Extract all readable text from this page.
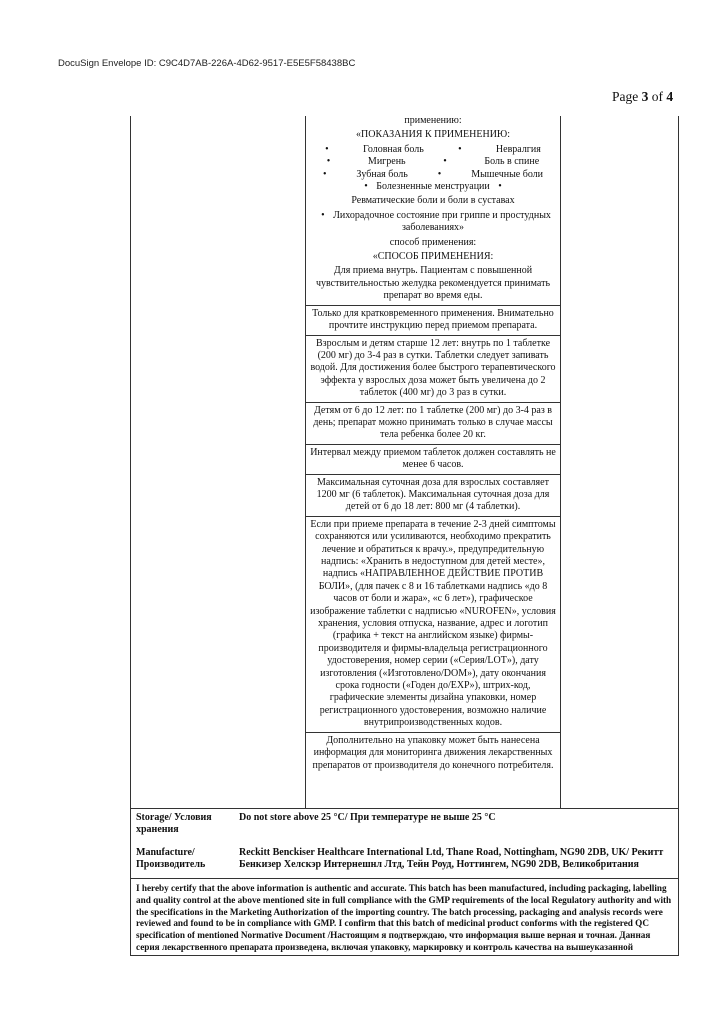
DocuSign Envelope ID: C9C4D7AB-226A-4D62-9517-E5E5F58438BC
Page 3 of 4

применению:

«ПОКАЗАНИЯ К ПРИМЕНЕНИЮ:

•	Головная боль	•	Невралгия
•	Мигрень	•	Боль в спине
•	Зубная боль	•	Мышечные боли

• Болезненные менструации •

Ревматические боли и боли в суставах

• Лихорадочное состояние при гриппе и простудных заболеваниях»

способ применения:

«СПОСОБ ПРИМЕНЕНИЯ:

Для приема внутрь. Пациентам с повышенной чувствительностью желудка рекомендуется принимать препарат во время еды.

Только для кратковременного применения. Внимательно прочтите инструкцию перед приемом препарата.

Взрослым и детям старше 12 лет: внутрь по 1 таблетке (200 мг) до 3-4 раз в сутки. Таблетки следует запивать водой. Для достижения более быстрого терапевтического эффекта у взрослых доза может быть увеличена до 2 таблеток (400 мг) до 3 раз в сутки.

Детям от 6 до 12 лет: по 1 таблетке (200 мг) до 3-4 раз в день; препарат можно принимать только в случае массы тела ребенка более 20 кг.

Интервал между приемом таблеток должен составлять не менее 6 часов.

Максимальная суточная доза для взрослых составляет 1200 мг (6 таблеток). Максимальная суточная доза для детей от 6 до 18 лет: 800 мг (4 таблетки).

Если при приеме препарата в течение 2-3 дней симптомы сохраняются или усиливаются, необходимо прекратить лечение и обратиться к врачу.», предупредительную надпись: «Хранить в недоступном для детей месте», надпись «НАПРАВЛЕННОЕ ДЕЙСТВИЕ ПРОТИВ БОЛИ», (для пачек с 8 и 16 таблетками надпись «до 8 часов от боли и жара», «с 6 лет»), графическое изображение таблетки с надписью «NUROFEN», условия хранения, условия отпуска, название, адрес и логотип (графика + текст на английском языке) фирмы-производителя и фирмы-владельца регистрационного удостоверения, номер серии («Серия/LOT»), дату изготовления («Изготовлено/DOM»), дату окончания срока годности («Годен до/EXP»), штрих-код, графические элементы дизайна упаковки, номер регистрационного удостоверения, возможно наличие внутрипроизводственных кодов.

Дополнительно на упаковку может быть нанесена информация для мониторинга движения лекарственных препаратов от производителя до конечного потребителя.

Storage/ Условия хранения
Do not store above 25 °C/ При температуре не выше 25 °C
Manufacture/ Производитель
Reckitt Benckiser Healthcare International Ltd, Thane Road, Nottingham, NG90 2DB, UK/ Рекитт Бенкизер Хелскэр Интернешнл Лтд, Тейн Роуд, Ноттингем, NG90 2DB, Великобритания
I hereby certify that the above information is authentic and accurate. This batch has been manufactured, including packaging, labelling and quality control at the above mentioned site in full compliance with the GMP requirements of the local Regulatory authority and with the specifications in the Marketing Authorization of the importing country. The batch processing, packaging and analysis records were reviewed and found to be in compliance with GMP. I confirm that this batch of medicinal product conforms with the registered QC specification of mentioned Normative Document /Настоящим я подтверждаю, что информация выше верная и точная. Данная серия лекарственного препарата произведена, включая упаковку, маркировку и контроль качества на вышеуказанной
